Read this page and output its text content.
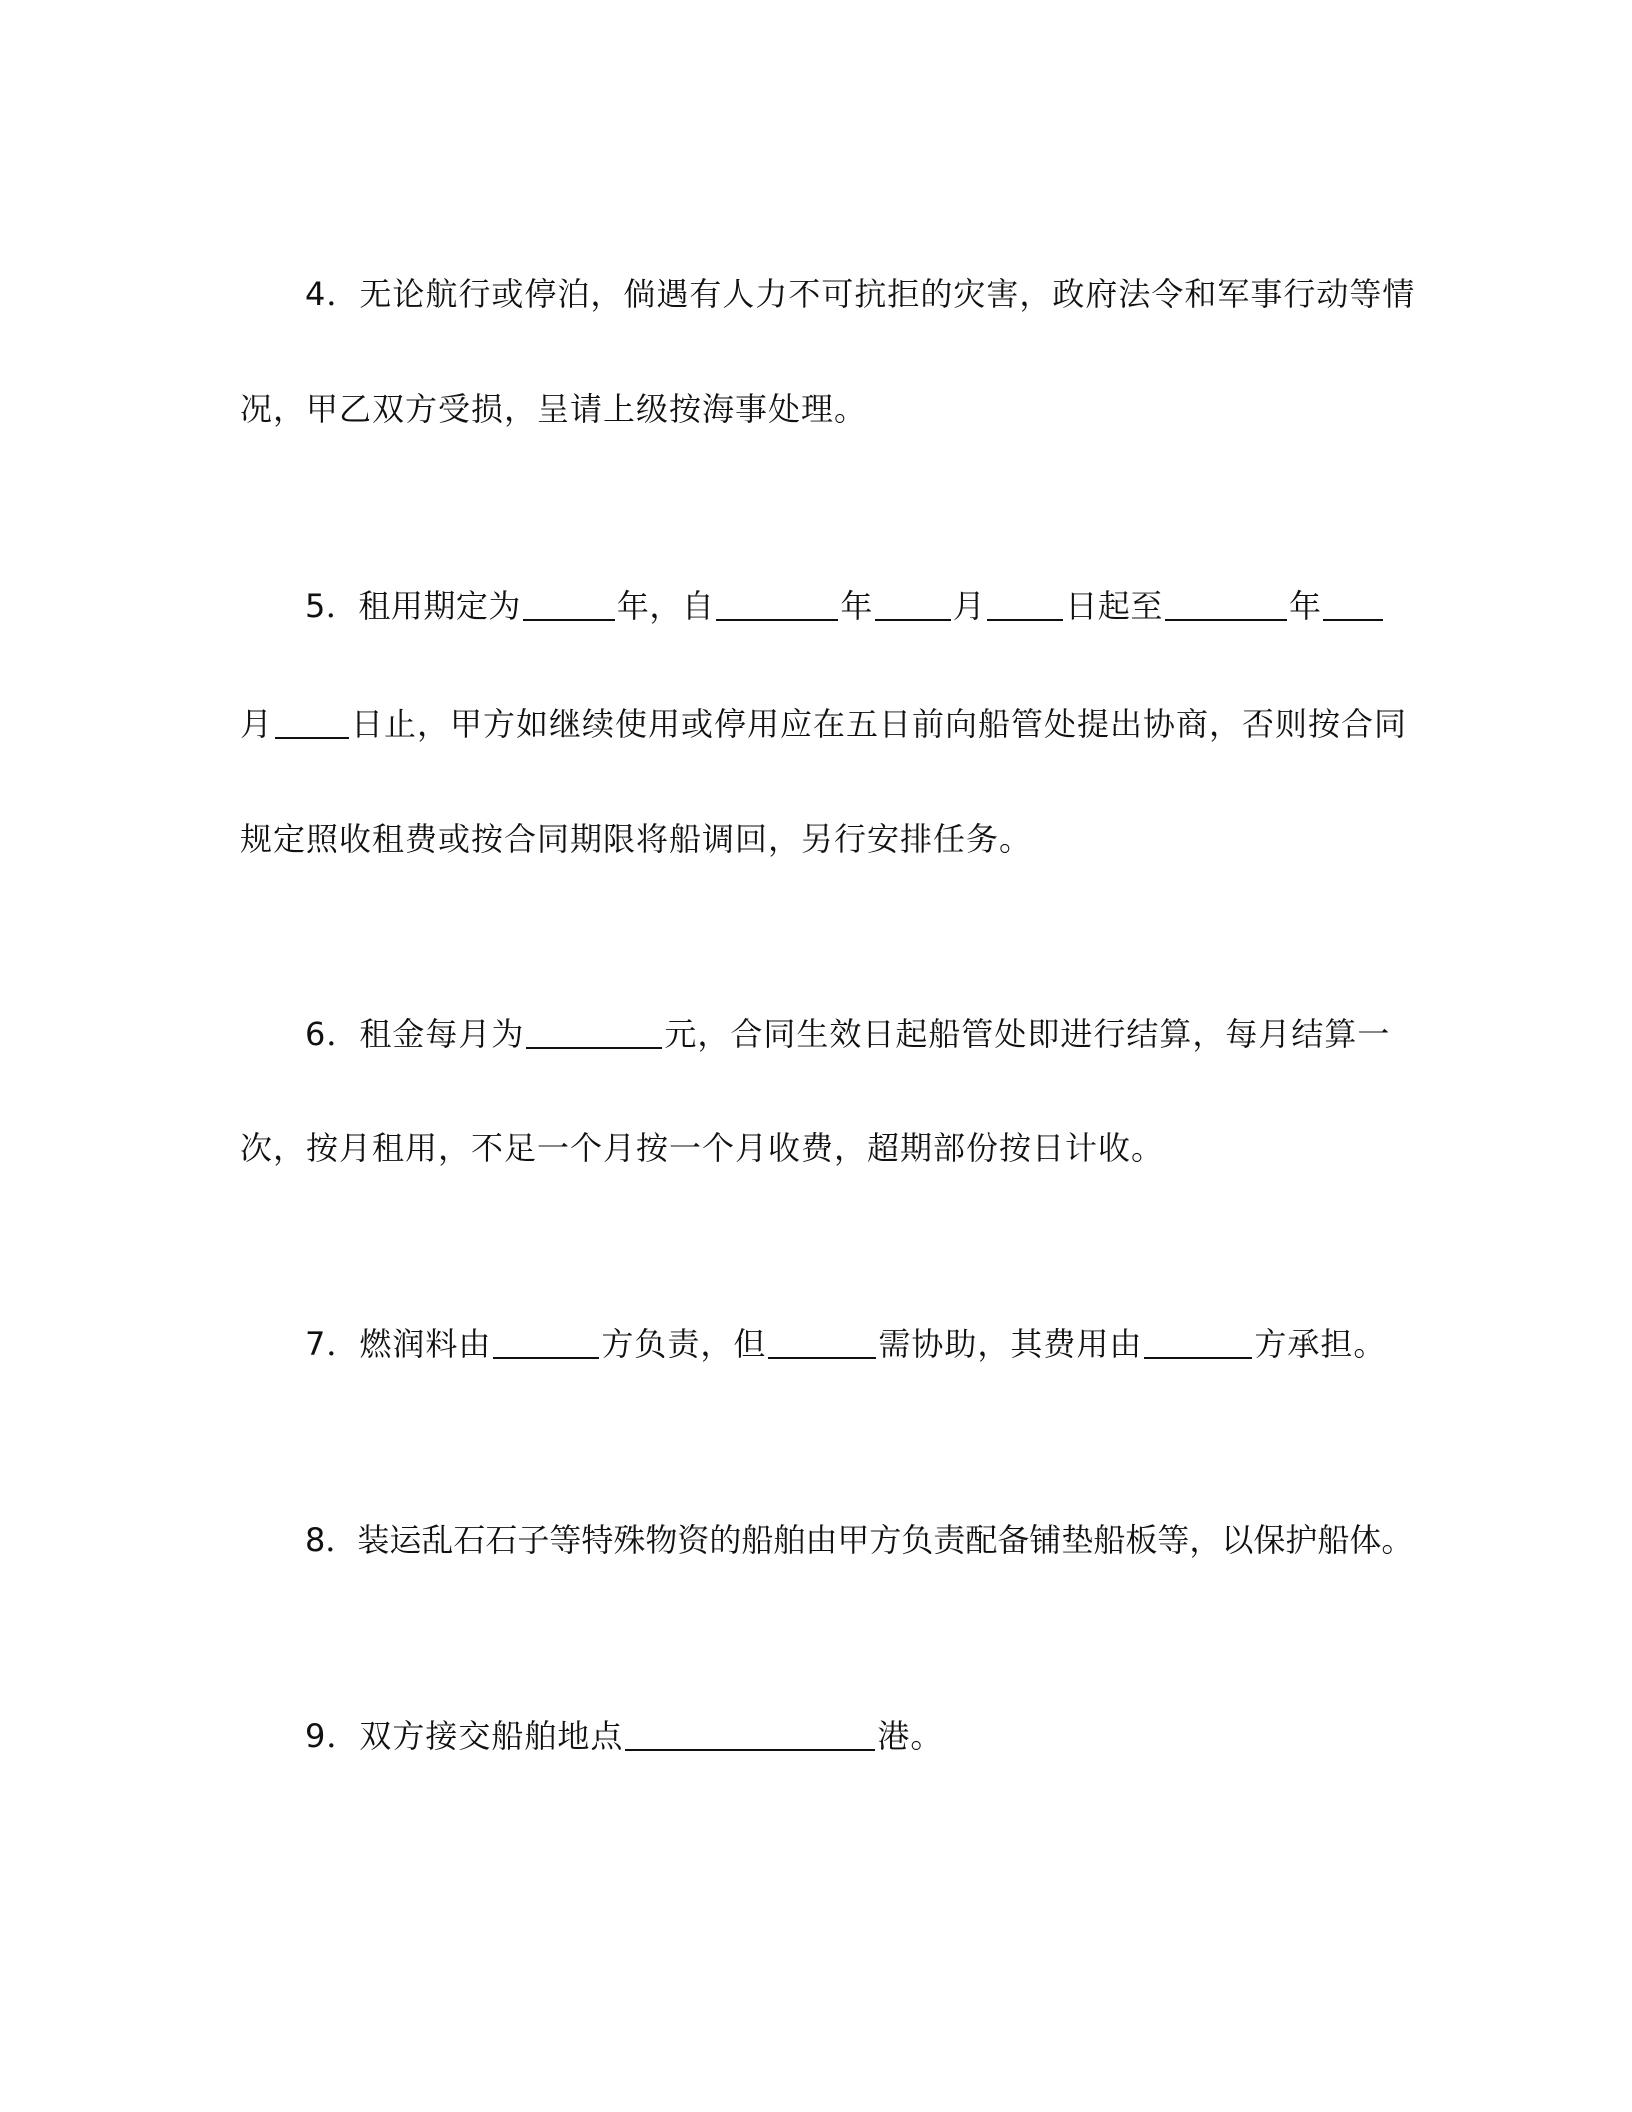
4．无论航行或停泊，倘遇有人力不可抗拒的灾害，政府法令和军事行动等情
况，甲乙双方受损，呈请上级按海事处理。
5．租用期定为	年，自	年	月	日起至	年
月 日止，甲方如继续使用或停用应在五日前向船管处提出协商，否则按合同
规定照收租费或按合同期限将船调回，另行安排任务。
6．租金每月为	元，合同生效日起船管处即进行结算，每月结算一
次，按月租用，不足一个月按一个月收费，超期部份按日计收。
7．燃润料由	方负责，但	需协助，其费用由	方承担。
8．装运乱石石子等特殊物资的船舶由甲方负责配备铺垫船板等，以保护船体。
9．双方接交船舶地点	港。
